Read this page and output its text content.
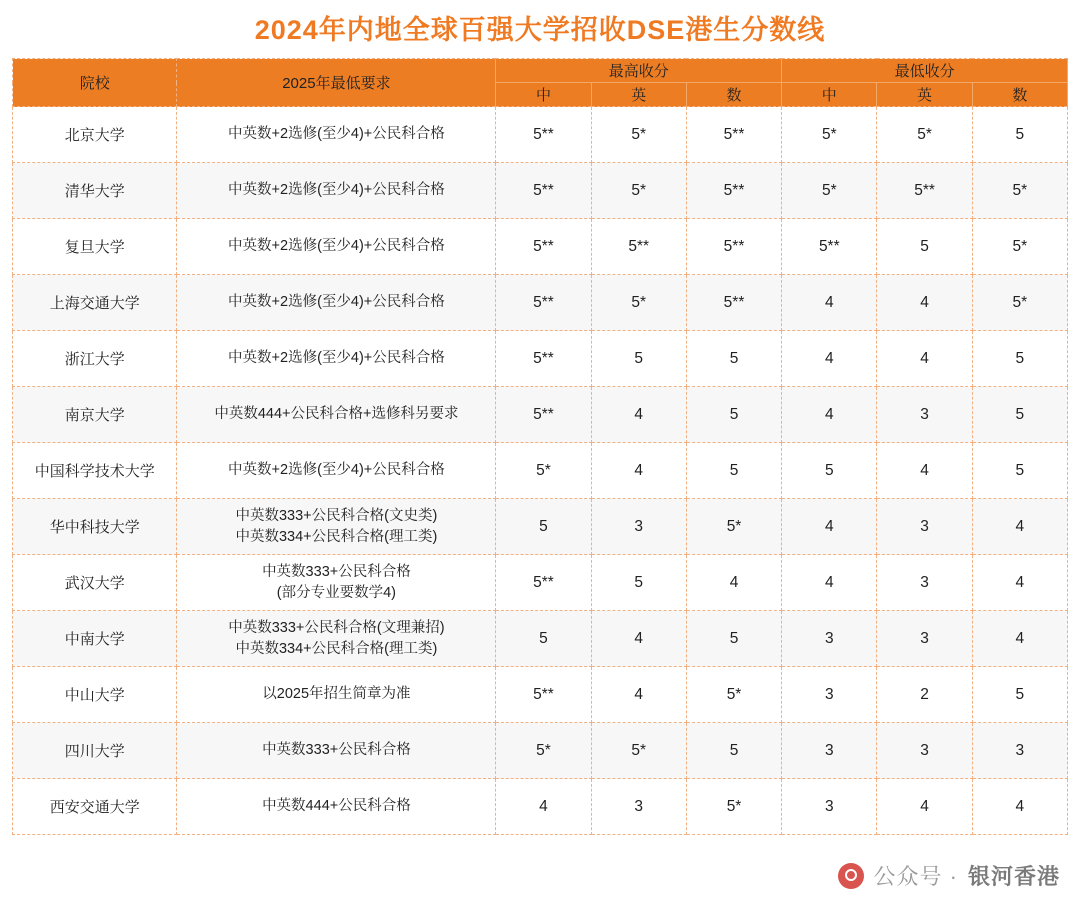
2024年内地全球百强大学招收DSE港生分数线
院校	2025年最低要求	最高收分			最低收分		
		中	英	数	中	英	数
北京大学	中英数+2选修(至少4)+公民科合格	5**	5*	5**	5*	5*	5
清华大学	中英数+2选修(至少4)+公民科合格	5**	5*	5**	5*	5**	5*
复旦大学	中英数+2选修(至少4)+公民科合格	5**	5**	5**	5**	5	5*
上海交通大学	中英数+2选修(至少4)+公民科合格	5**	5*	5**	4	4	5*
浙江大学	中英数+2选修(至少4)+公民科合格	5**	5	5	4	4	5
南京大学	中英数444+公民科合格+选修科另要求	5**	4	5	4	3	5
中国科学技术大学	中英数+2选修(至少4)+公民科合格	5*	4	5	5	4	5
华中科技大学	中英数333+公民科合格(文史类)
中英数334+公民科合格(理工类)	5	3	5*	4	3	4
武汉大学	中英数333+公民科合格
(部分专业要数学4)	5**	5	4	4	3	4
中南大学	中英数333+公民科合格(文理兼招)
中英数334+公民科合格(理工类)	5	4	5	3	3	4
中山大学	以2025年招生简章为准	5**	4	5*	3	2	5
四川大学	中英数333+公民科合格	5*	5*	5	3	3	3
西安交通大学	中英数444+公民科合格	4	3	5*	3	4	4
公众号 · 银河香港
